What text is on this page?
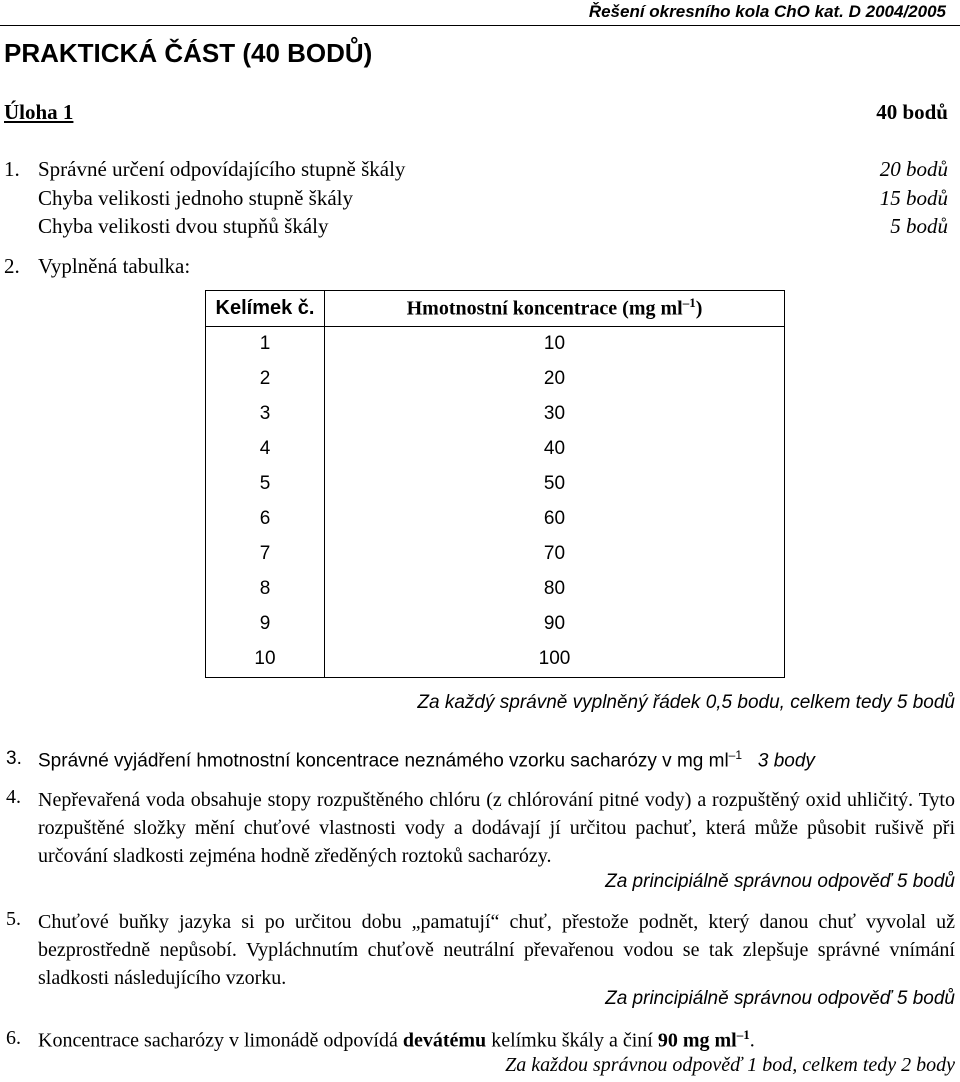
Řešení okresního kola ChO kat. D 2004/2005
PRAKTICKÁ ČÁST (40 BODŮ)
Úloha 1	40 bodů
1. Správné určení odpovídajícího stupně škály	20 bodů
Chyba velikosti jednoho stupně škály	15 bodů
Chyba velikosti dvou stupňů škály	5 bodů
2. Vyplněná tabulka:
Kelímek č.	Hmotnostní koncentrace (mg $ml^{-1}$)
1	10
2	20
3	30
4	40
5	50
6	60
7	70
8	80
9	90
10	100
Za každý správně vyplněný řádek 0,5 bodu, celkem tedy 5 bodů
3. Správné vyjádření hmotnostní koncentrace neznámého vzorku sacharózy v mg $ml^{-1}$ 3 body
4. Nepřevařená voda obsahuje stopy rozpuštěného chlóru (z chlórování pitné vody) a rozpuštěný oxid uhličitý. Tyto rozpuštěné složky mění chuťové vlastnosti vody a dodávají jí určitou pachuť, která může působit rušivě při určování sladkosti zejména hodně zředěných roztoků sacharózy.
Za principiálně správnou odpověď 5 bodů
5. Chuťové buňky jazyka si po určitou dobu „pamatují“ chuť, přestože podnět, který danou chuť vyvolal už bezprostředně nepůsobí. Vypláchnutím chuťově neutrální převařenou vodou se tak zlepšuje správné vnímání sladkosti následujícího vzorku.
Za principiálně správnou odpověď 5 bodů
6. Koncentrace sacharózy v limonádě odpovídá devátému kelímku škály a činí 90 mg $ml^{-1}$.
Za každou správnou odpověď 1 bod, celkem tedy 2 body
